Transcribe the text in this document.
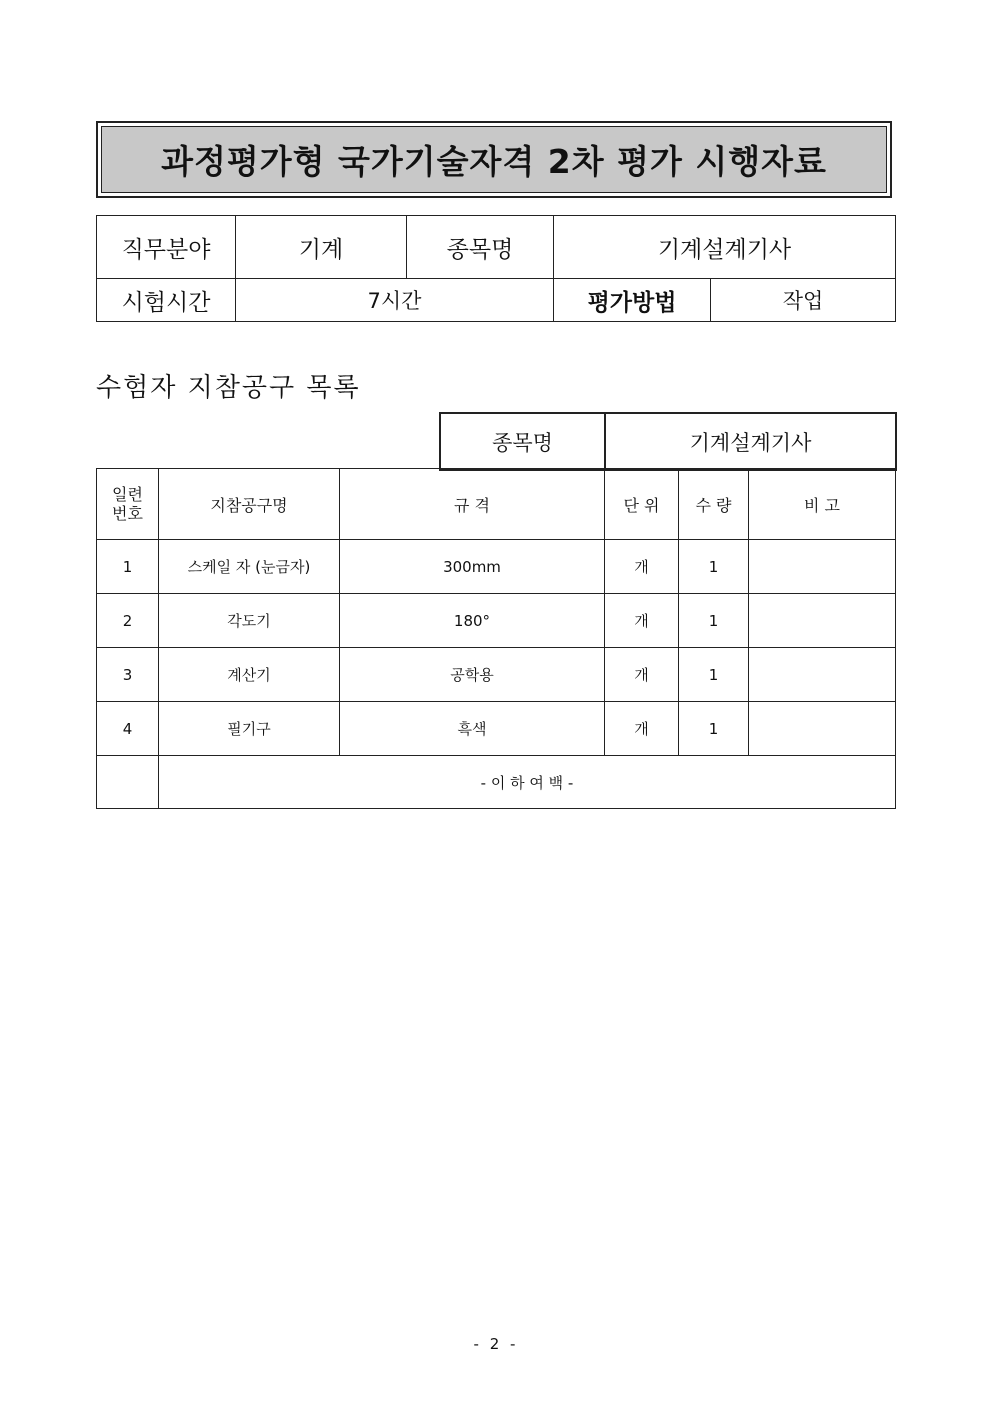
과정평가형 국가기술자격 2차 평가 시행자료
직무분야	기계	종목명	기계설계기사	
시험시간	7시간		평가방법	작업
수험자 지참공구 목록
종목명	기계설계기사
일련
번호	지참공구명	규 격	단 위	수 량	비 고
1	스케일 자 (눈금자)	300mm	개	1	
2	각도기	180°	개	1	
3	계산기	공학용	개	1	
4	필기구	흑색	개	1	
	- 이 하 여 백 -				
- 2 -
